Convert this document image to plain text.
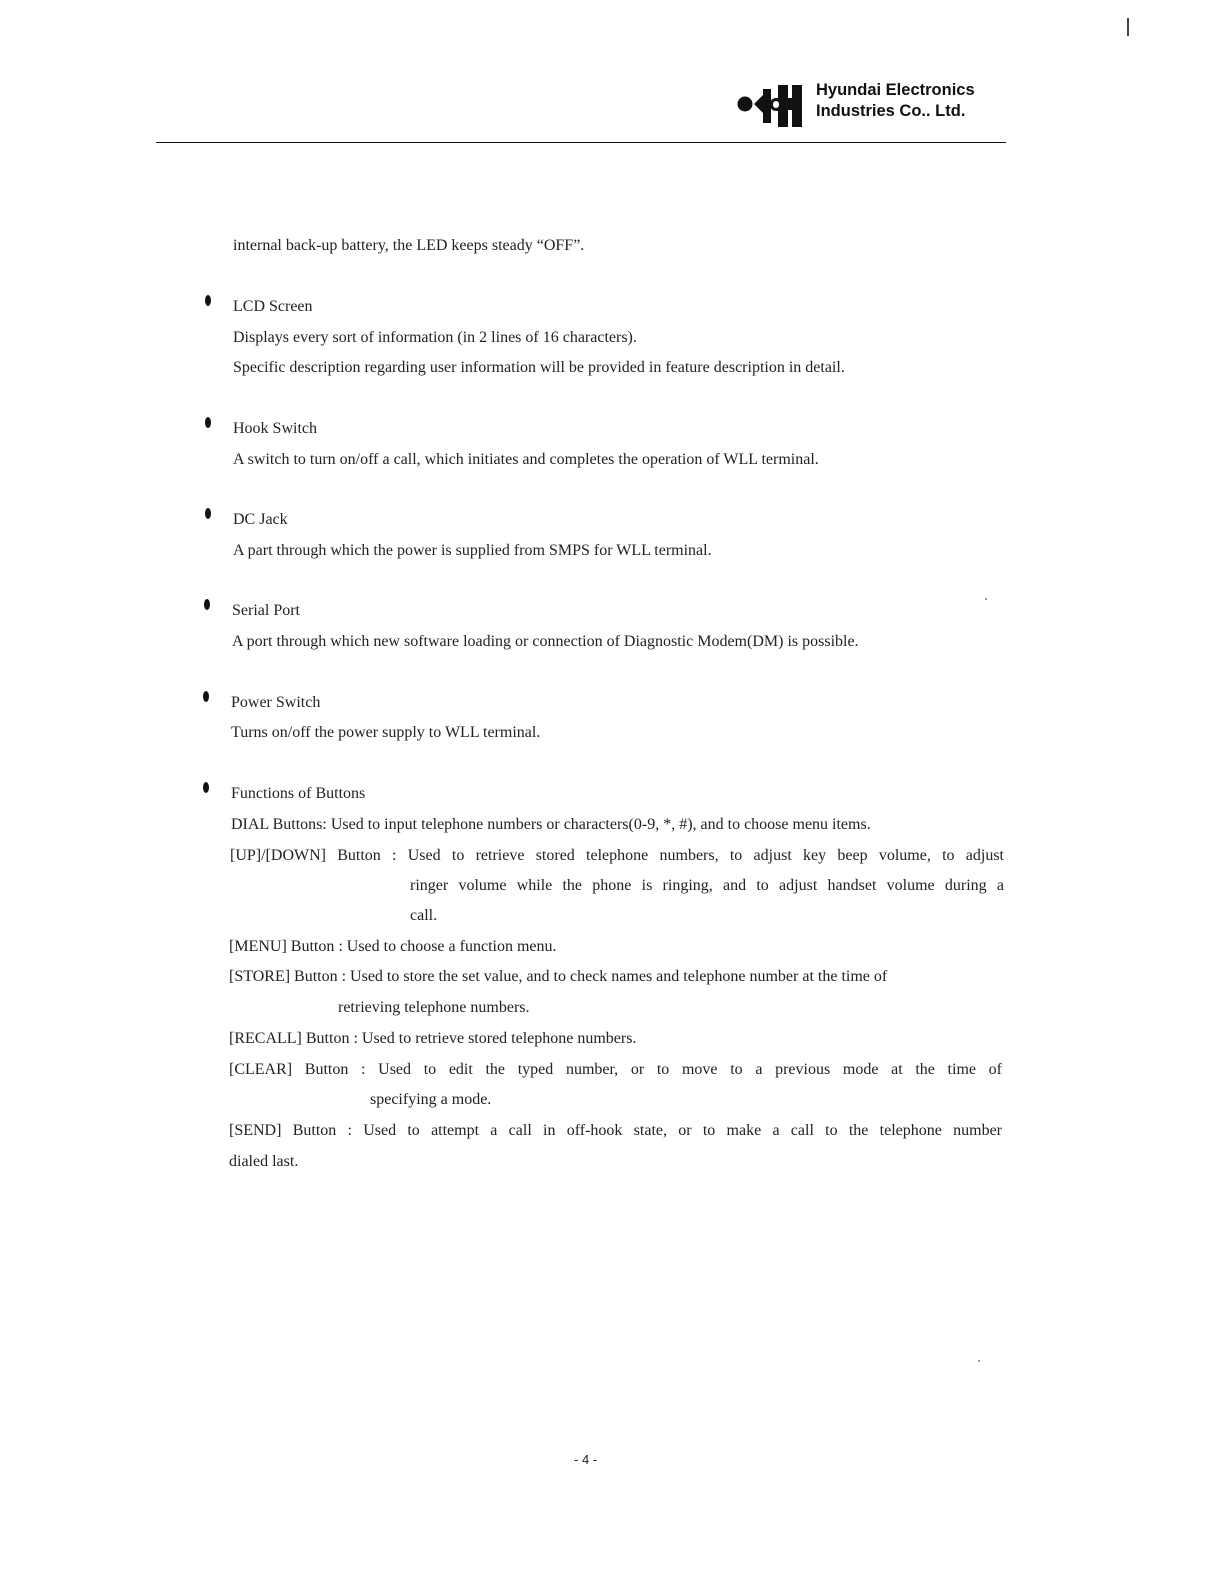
Hyundai Electronics
Industries Co.. Ltd.
internal back-up battery, the LED keeps steady “OFF”.
LCD Screen
Displays every sort of information (in 2 lines of 16 characters).
Specific description regarding user information will be provided in feature description in detail.
Hook Switch
A switch to turn on/off a call, which initiates and completes the operation of WLL terminal.
DC Jack
A part through which the power is supplied from SMPS for WLL terminal.
Serial Port
A port through which new software loading or connection of Diagnostic Modem(DM) is possible.
Power Switch
Turns on/off the power supply to WLL terminal.
Functions of Buttons
DIAL Buttons: Used to input telephone numbers or characters(0-9, *, #), and to choose menu items.
[UP]/[DOWN] Button : Used to retrieve stored telephone numbers, to adjust key beep volume, to adjust
ringer volume while the phone is ringing, and to adjust handset volume during a
call.
[MENU] Button : Used to choose a function menu.
[STORE] Button : Used to store the set value, and to check names and telephone number at the time of
retrieving telephone numbers.
[RECALL] Button : Used to retrieve stored telephone numbers.
[CLEAR] Button : Used to edit the typed number, or to move to a previous mode at the time of
specifying a mode.
[SEND] Button : Used to attempt a call in off-hook state, or to make a call to the telephone number
dialed last.
- 4 -
